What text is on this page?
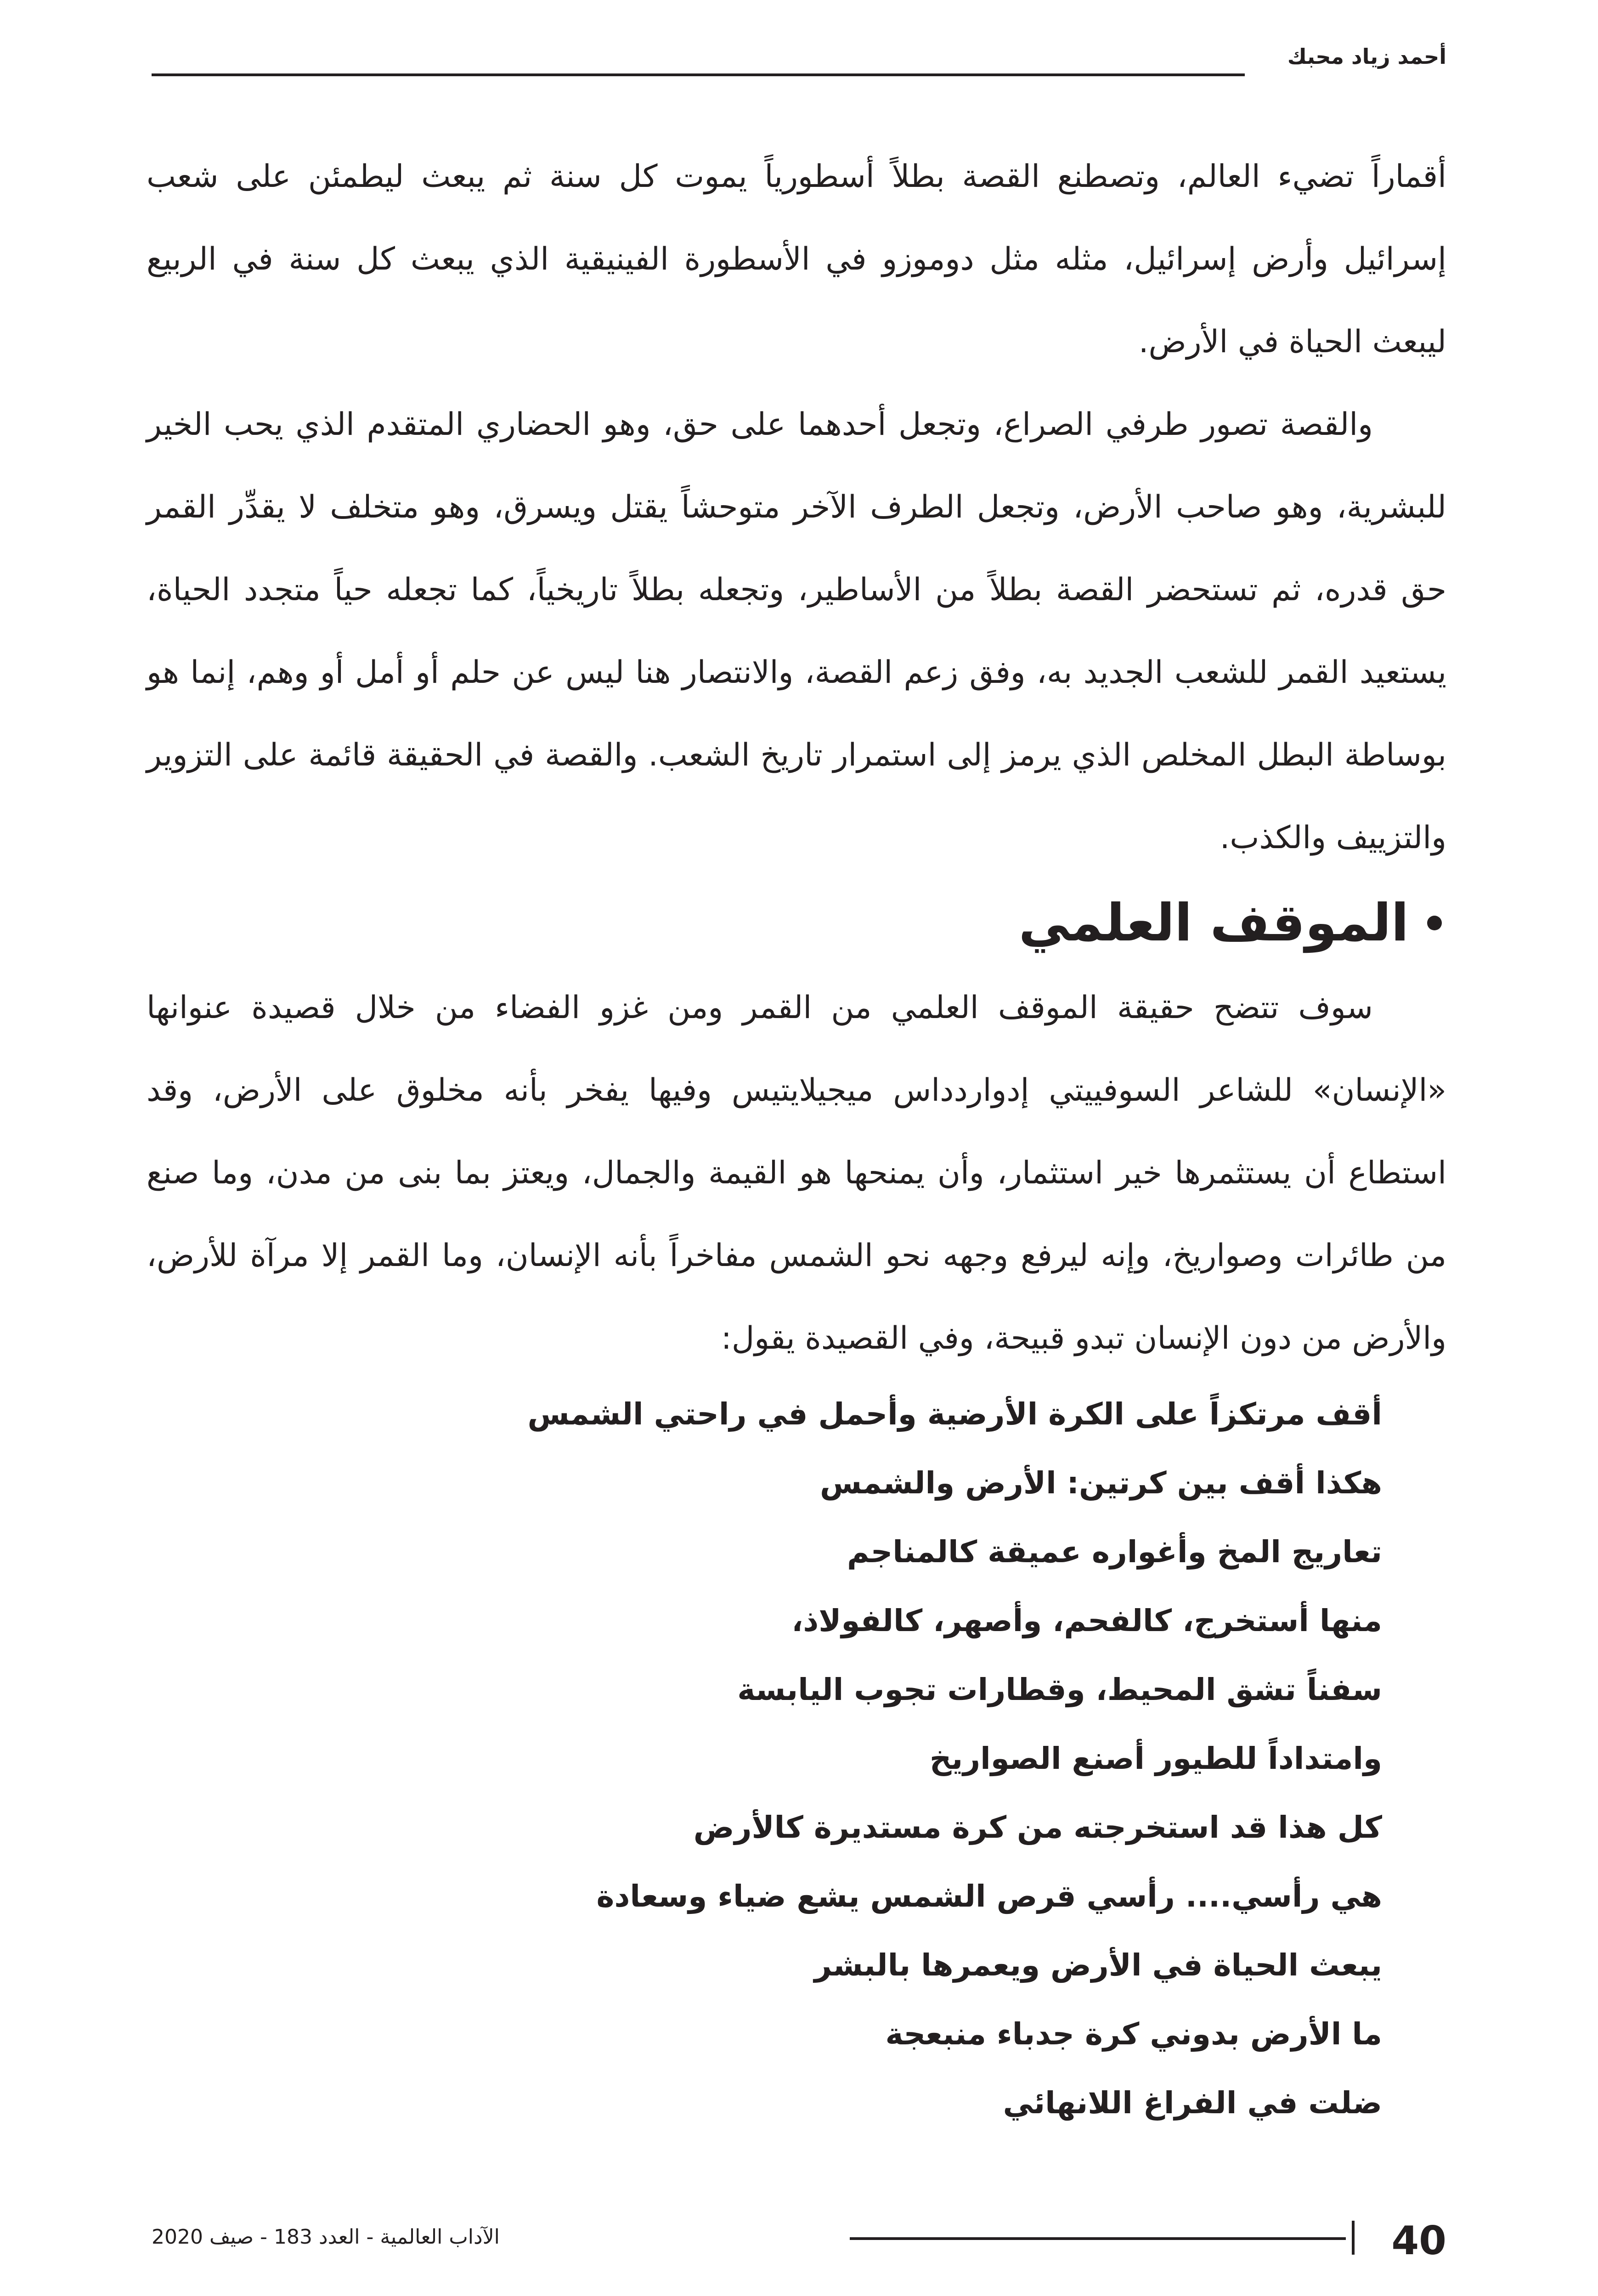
أحمد زياد محبك

أقماراً تضيء العالم، وتصطنع القصة بطلاً أسطورياً يموت كل سنة ثم يبعث ليطمئن على شعب إسرائيل وأرض إسرائيل، مثله مثل دوموزو في الأسطورة الفينيقية الذي يبعث كل سنة في الربيع ليبعث الحياة في الأرض.

والقصة تصور طرفي الصراع، وتجعل أحدهما على حق، وهو الحضاري المتقدم الذي يحب الخير للبشرية، وهو صاحب الأرض، وتجعل الطرف الآخر متوحشاً يقتل ويسرق، وهو متخلف لا يقدِّر القمر حق قدره، ثم تستحضر القصة بطلاً من الأساطير، وتجعله بطلاً تاريخياً، كما تجعله حياً متجدد الحياة، يستعيد القمر للشعب الجديد به، وفق زعم القصة، والانتصار هنا ليس عن حلم أو أمل أو وهم، إنما هو بوساطة البطل المخلص الذي يرمز إلى استمرار تاريخ الشعب. والقصة في الحقيقة قائمة على التزوير والتزييف والكذب.

الموقف العلمي

سوف تتضح حقيقة الموقف العلمي من القمر ومن غزو الفضاء من خلال قصيدة عنوانها «الإنسان» للشاعر السوفييتي إدواردداس ميجيلايتيس وفيها يفخر بأنه مخلوق على الأرض، وقد استطاع أن يستثمرها خير استثمار، وأن يمنحها هو القيمة والجمال، ويعتز بما بنى من مدن، وما صنع من طائرات وصواريخ، وإنه ليرفع وجهه نحو الشمس مفاخراً بأنه الإنسان، وما القمر إلا مرآة للأرض، والأرض من دون الإنسان تبدو قبيحة، وفي القصيدة يقول:

أقف مرتكزاً على الكرة الأرضية وأحمل في راحتي الشمس
هكذا أقف بين كرتين: الأرض والشمس
تعاريج المخ وأغواره عميقة كالمناجم
منها أستخرج، كالفحم، وأصهر، كالفولاذ،
سفناً تشق المحيط، وقطارات تجوب اليابسة
وامتداداً للطيور أصنع الصواريخ
كل هذا قد استخرجته من كرة مستديرة كالأرض
هي رأسي.... رأسي قرص الشمس يشع ضياء وسعادة
يبعث الحياة في الأرض ويعمرها بالبشر
ما الأرض بدوني كرة جدباء منبعجة
ضلت في الفراغ اللانهائي
40
الآداب العالمية - العدد 183 - صيف 2020
